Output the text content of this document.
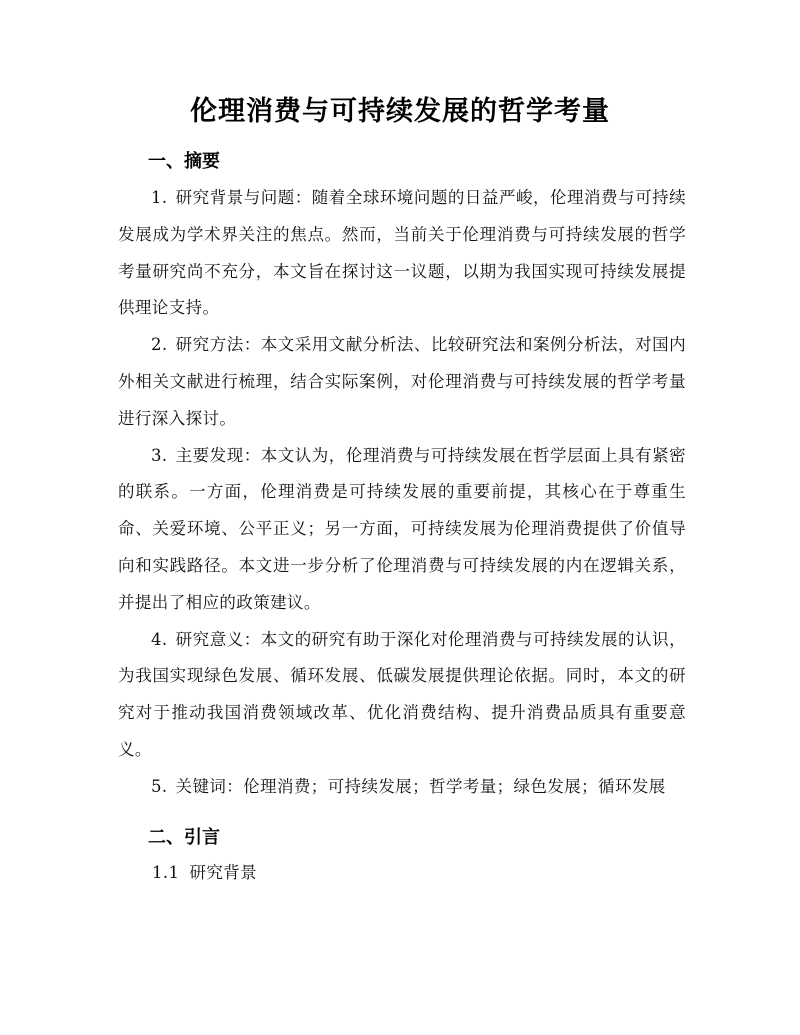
伦理消费与可持续发展的哲学考量
一、摘要

1. 研究背景与问题：随着全球环境问题的日益严峻，伦理消费与可持续发展成为学术界关注的焦点。然而，当前关于伦理消费与可持续发展的哲学考量研究尚不充分，本文旨在探讨这一议题，以期为我国实现可持续发展提供理论支持。

2. 研究方法：本文采用文献分析法、比较研究法和案例分析法，对国内外相关文献进行梳理，结合实际案例，对伦理消费与可持续发展的哲学考量进行深入探讨。

3. 主要发现：本文认为，伦理消费与可持续发展在哲学层面上具有紧密的联系。一方面，伦理消费是可持续发展的重要前提，其核心在于尊重生命、关爱环境、公平正义；另一方面，可持续发展为伦理消费提供了价值导向和实践路径。本文进一步分析了伦理消费与可持续发展的内在逻辑关系，并提出了相应的政策建议。

4. 研究意义：本文的研究有助于深化对伦理消费与可持续发展的认识，为我国实现绿色发展、循环发展、低碳发展提供理论依据。同时，本文的研究对于推动我国消费领域改革、优化消费结构、提升消费品质具有重要意义。

5. 关键词：伦理消费；可持续发展；哲学考量；绿色发展；循环发展

二、引言
1.1 研究背景
